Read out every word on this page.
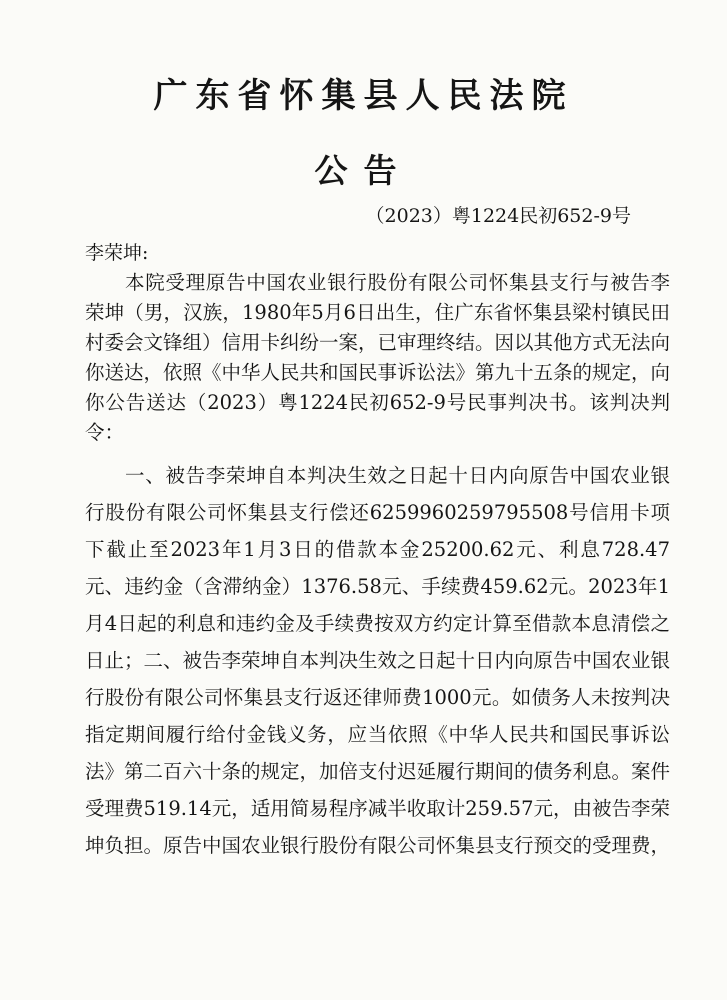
广东省怀集县人民法院
公告
（2023）粤1224民初652-9号
李荣坤:
本院受理原告中国农业银行股份有限公司怀集县支行与被告李荣坤（男，汉族，1980年5月6日出生，住广东省怀集县梁村镇民田村委会文锋组）信用卡纠纷一案，已审理终结。因以其他方式无法向你送达，依照《中华人民共和国民事诉讼法》第九十五条的规定，向你公告送达（2023）粤1224民初652-9号民事判决书。该判决判令：
一、被告李荣坤自本判决生效之日起十日内向原告中国农业银行股份有限公司怀集县支行偿还6259960259795508号信用卡项下截止至2023年1月3日的借款本金25200.62元、利息728.47元、违约金（含滞纳金）1376.58元、手续费459.62元。2023年1月4日起的利息和违约金及手续费按双方约定计算至借款本息清偿之日止；二、被告李荣坤自本判决生效之日起十日内向原告中国农业银行股份有限公司怀集县支行返还律师费1000元。如债务人未按判决指定期间履行给付金钱义务，应当依照《中华人民共和国民事诉讼法》第二百六十条的规定，加倍支付迟延履行期间的债务利息。案件受理费519.14元，适用简易程序减半收取计259.57元，由被告李荣坤负担。原告中国农业银行股份有限公司怀集县支行预交的受理费，
